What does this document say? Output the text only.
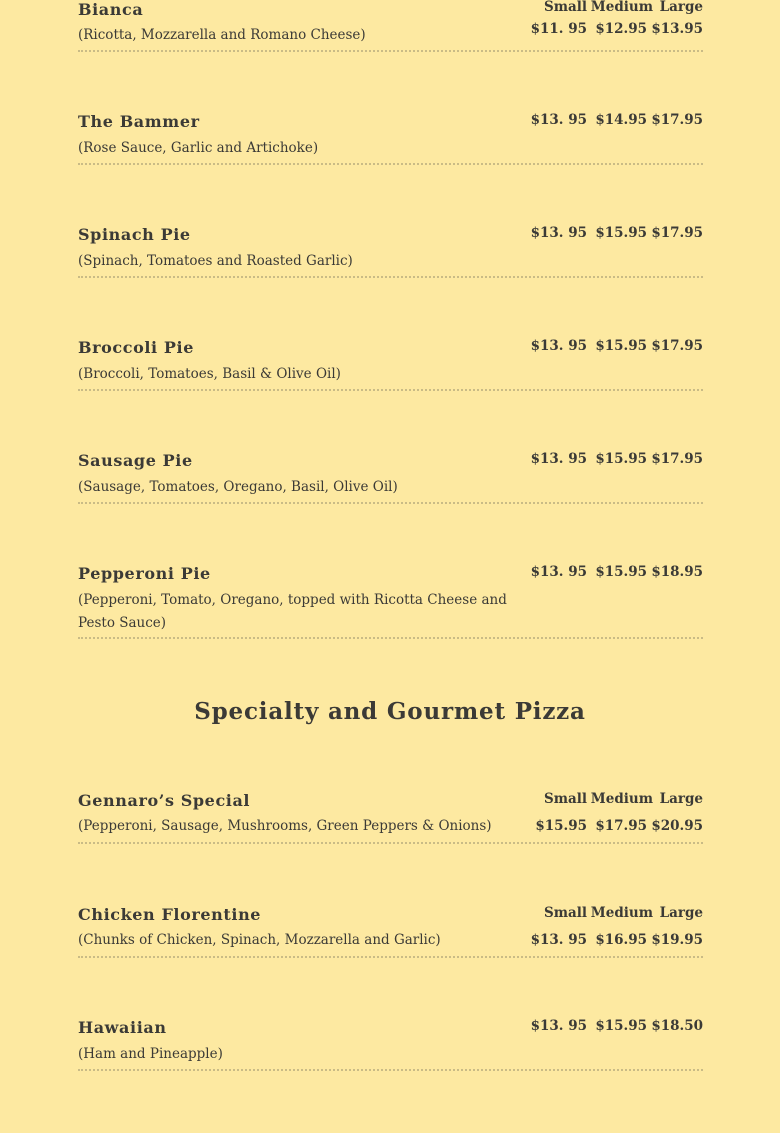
Bianca
(Ricotta, Mozzarella and Romano Cheese)
Small Medium Large
$11. 95 $12.95 $13.95
The Bammer
(Rose Sauce, Garlic and Artichoke)
$13. 95 $14.95 $17.95
Spinach Pie
(Spinach, Tomatoes and Roasted Garlic)
$13. 95 $15.95 $17.95
Broccoli Pie
(Broccoli, Tomatoes, Basil & Olive Oil)
$13. 95 $15.95 $17.95
Sausage Pie
(Sausage, Tomatoes, Oregano, Basil, Olive Oil)
$13. 95 $15.95 $17.95
Pepperoni Pie
(Pepperoni, Tomato, Oregano, topped with Ricotta Cheese and Pesto Sauce)
$13. 95 $15.95 $18.95
Specialty and Gourmet Pizza
Gennaro’s Special
(Pepperoni, Sausage, Mushrooms, Green Peppers & Onions)
Small Medium Large
$15.95 $17.95 $20.95
Chicken Florentine
(Chunks of Chicken, Spinach, Mozzarella and Garlic)
Small Medium Large
$13. 95 $16.95 $19.95
Hawaiian
(Ham and Pineapple)
$13. 95 $15.95 $18.50
